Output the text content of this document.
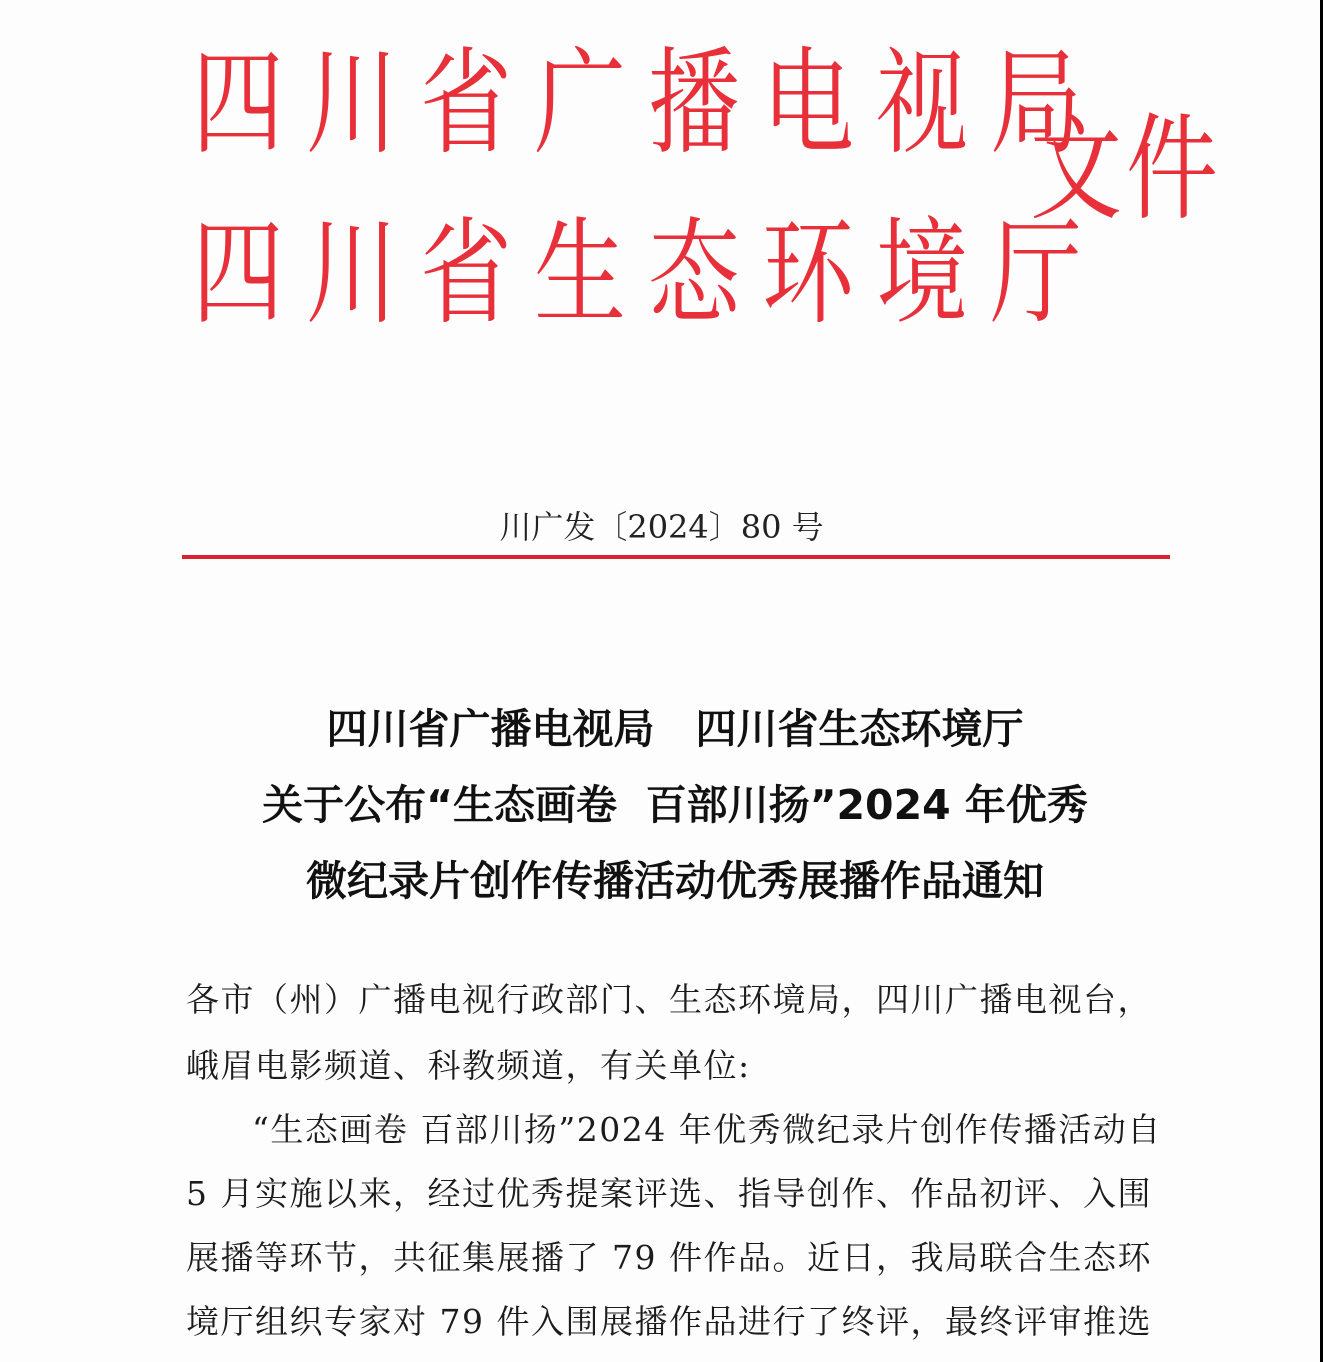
四川省广播电视局
四川省生态环境厅
文件
川广发〔2024〕80 号
四川省广播电视局　四川省生态环境厅
关于公布“生态画卷  百部川扬”2024 年优秀
微纪录片创作传播活动优秀展播作品通知
各市（州）广播电视行政部门、生态环境局，四川广播电视台，
峨眉电影频道、科教频道，有关单位:
“生态画卷 百部川扬”2024 年优秀微纪录片创作传播活动自
5 月实施以来，经过优秀提案评选、指导创作、作品初评、入围
展播等环节，共征集展播了 79 件作品。近日，我局联合生态环
境厅组织专家对 79 件入围展播作品进行了终评，最终评审推选
